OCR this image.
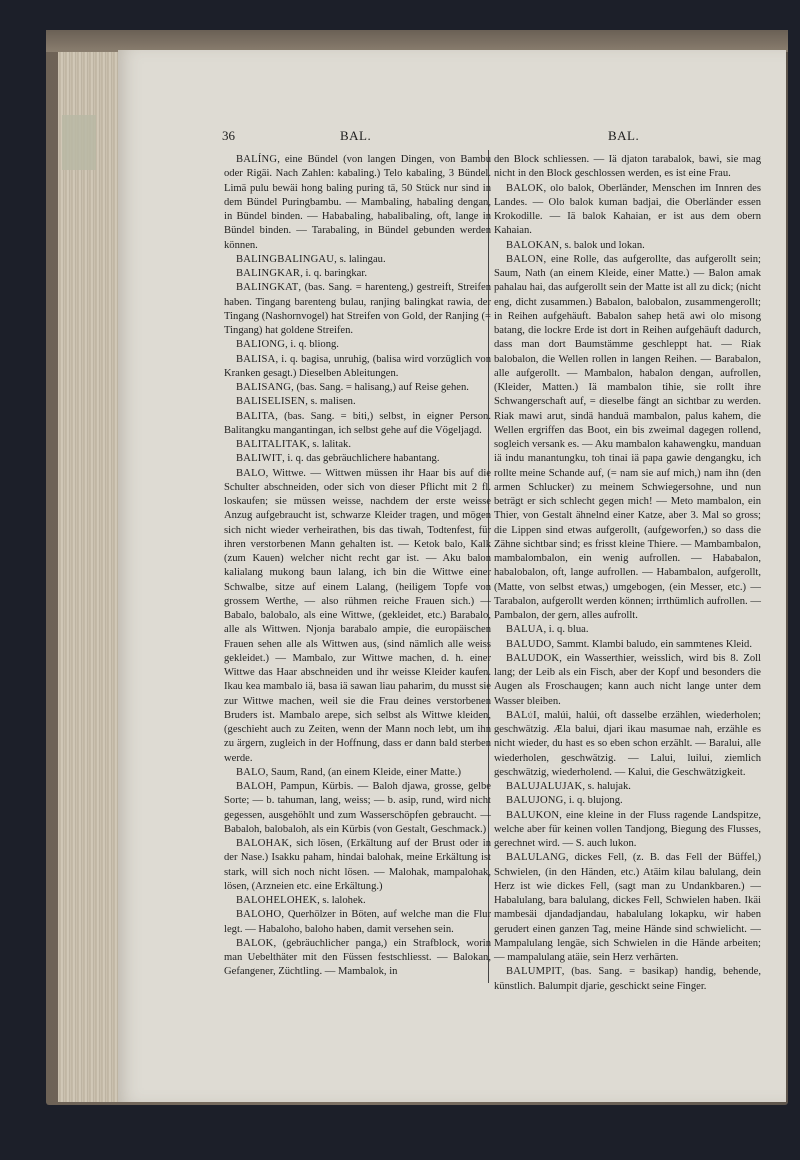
36	BAL.	BAL.

BALÍNG, eine Bündel (von langen Dingen, von Bambu oder Rigäi. Nach Zahlen: kabaling.) Telo kabaling, 3 Bündel. Limä pulu bewäi hong baling puring tä, 50 Stück nur sind in dem Bündel Puringbambu. — Mambaling, habaling dengan, in Bündel binden. — Hababaling, habalibaling, oft, lange in Bündel binden. — Tarabaling, in Bündel gebunden werden können.

BALINGBALINGAU, s. lalingau.

BALINGKAR, i. q. baringkar.

BALINGKAT, (bas. Sang. = harenteng,) gestreift, Streifen haben. Tingang barenteng bulau, ranjing balingkat rawia, der Tingang (Nashornvogel) hat Streifen von Gold, der Ranjing (= Tingang) hat goldene Streifen.

BALIONG, i. q. bliong.

BALISA, i. q. bagisa, unruhig, (balisa wird vorzüglich von Kranken gesagt.) Dieselben Ableitungen.

BALISANG, (bas. Sang. = halisang,) auf Reise gehen.

BALISELISEN, s. malisen.

BALITA, (bas. Sang. = biti,) selbst, in eigner Person. Balitangku mangantingan, ich selbst gehe auf die Vögeljagd.

BALITALITAK, s. lalitak.

BALIWIT, i. q. das gebräuchlichere habantang.

BALO, Wittwe. — Wittwen müssen ihr Haar bis auf die Schulter abschneiden, oder sich von dieser Pflicht mit 2 fl. loskaufen; sie müssen weisse, nachdem der erste weisse Anzug aufgebraucht ist, schwarze Kleider tragen, und mögen sich nicht wieder verheirathen, bis das tiwah, Todtenfest, für ihren verstorbenen Mann gehalten ist. — Ketok balo, Kalk (zum Kauen) welcher nicht recht gar ist. — Aku balon kalialang mukong baun lalang, ich bin die Wittwe einer Schwalbe, sitze auf einem Lalang, (heiligem Topfe von grossem Werthe, — also rühmen reiche Frauen sich.) — Babalo, balobalo, als eine Wittwe, (gekleidet, etc.) Barabalo, alle als Wittwen. Njonja barabalo ampie, die europäischen Frauen sehen alle als Wittwen aus, (sind nämlich alle weiss gekleidet.) — Mambalo, zur Wittwe machen, d. h. einer Wittwe das Haar abschneiden und ihr weisse Kleider kaufen. Ikau kea mambalo iä, basa iä sawan liau paharim, du musst sie zur Wittwe machen, weil sie die Frau deines verstorbenen Bruders ist. Mambalo arepe, sich selbst als Wittwe kleiden, (geschieht auch zu Zeiten, wenn der Mann noch lebt, um ihn zu ärgern, zugleich in der Hoffnung, dass er dann bald sterben werde.

BALO, Saum, Rand, (an einem Kleide, einer Matte.)

BALOH, Pampun, Kürbis. — Baloh djawa, grosse, gelbe Sorte; — b. tahuman, lang, weiss; — b. asip, rund, wird nicht gegessen, ausgehöhlt und zum Wasserschöpfen gebraucht. — Babaloh, balobaloh, als ein Kürbis (von Gestalt, Geschmack.)

BALOHAK, sich lösen, (Erkältung auf der Brust oder in der Nase.) Isakku paham, hindai balohak, meine Erkältung ist stark, will sich noch nicht lösen. — Malohak, mampalohak, lösen, (Arzneien etc. eine Erkältung.)

BALOHELOHEK, s. lalohek.

BALOHO, Querhölzer in Böten, auf welche man die Flur legt. — Habaloho, baloho haben, damit versehen sein.

BALOK, (gebräuchlicher panga,) ein Strafblock, worin man Uebelthäter mit den Füssen festschliesst. — Balokan, Gefangener, Züchtling. — Mambalok, in

den Block schliessen. — Iä djaton tarabalok, bawi, sie mag nicht in den Block geschlossen werden, es ist eine Frau.

BALOK, olo balok, Oberländer, Menschen im Innren des Landes. — Olo balok kuman badjai, die Oberländer essen Krokodille. — Iä balok Kahaian, er ist aus dem obern Kahaian.

BALOKAN, s. balok und lokan.

BALON, eine Rolle, das aufgerollte, das aufgerollt sein; Saum, Nath (an einem Kleide, einer Matte.) — Balon amak pahalau hai, das aufgerollt sein der Matte ist all zu dick; (nicht eng, dicht zusammen.) Babalon, balobalon, zusammengerollt; in Reihen aufgehäuft. Babalon sahep hetä awi olo misong batang, die lockre Erde ist dort in Reihen aufgehäuft dadurch, dass man dort Baumstämme geschleppt hat. — Riak balobalon, die Wellen rollen in langen Reihen. — Barabalon, alle aufgerollt. — Mambalon, habalon dengan, aufrollen, (Kleider, Matten.) Iä mambalon tihie, sie rollt ihre Schwangerschaft auf, = dieselbe fängt an sichtbar zu werden. Riak mawi arut, sindä handuä mambalon, palus kahem, die Wellen ergriffen das Boot, ein bis zweimal dagegen rollend, sogleich versank es. — Aku mambalon kahawengku, manduan iä indu manantungku, toh tinai iä papa gawie dengangku, ich rollte meine Schande auf, (= nam sie auf mich,) nam ihn (den armen Schlucker) zu meinem Schwiegersohne, und nun beträgt er sich schlecht gegen mich! — Meto mambalon, ein Thier, von Gestalt ähnelnd einer Katze, aber 3. Mal so gross; die Lippen sind etwas aufgerollt, (aufgeworfen,) so dass die Zähne sichtbar sind; es frisst kleine Thiere. — Mambambalon, mambalombalon, ein wenig aufrollen. — Hababalon, habalobalon, oft, lange aufrollen. — Habambalon, aufgerollt, (Matte, von selbst etwas,) umgebogen, (ein Messer, etc.) — Tarabalon, aufgerollt werden können; irrthümlich aufrollen. — Pambalon, der gern, alles aufrollt.

BALUA, i. q. blua.

BALUDO, Sammt. Klambi baludo, ein sammtenes Kleid.

BALUDOK, ein Wasserthier, weisslich, wird bis 8. Zoll lang; der Leib als ein Fisch, aber der Kopf und besonders die Augen als Froschaugen; kann auch nicht lange unter dem Wasser bleiben.

BALúI, malúi, halúi, oft dasselbe erzählen, wiederholen; geschwätzig. Æla balui, djari ikau masumae nah, erzähle es nicht wieder, du hast es so eben schon erzählt. — Baralui, alle wiederholen, geschwätzig. — Lalui, luilui, ziemlich geschwätzig, wiederholend. — Kalui, die Geschwätzigkeit.

BALUJALUJAK, s. halujak.

BALUJONG, i. q. blujong.

BALUKON, eine kleine in der Fluss ragende Landspitze, welche aber für keinen vollen Tandjong, Biegung des Flusses, gerechnet wird. — S. auch lukon.

BALULANG, dickes Fell, (z. B. das Fell der Büffel,) Schwielen, (in den Händen, etc.) Atäim kilau balulang, dein Herz ist wie dickes Fell, (sagt man zu Undankbaren.) — Habalulang, bara balulang, dickes Fell, Schwielen haben. Ikäi mambesäi djandadjandau, habalulang lokapku, wir haben gerudert einen ganzen Tag, meine Hände sind schwielicht. — Mampalulang lengäe, sich Schwielen in die Hände arbeiten; — mampalulang atäie, sein Herz verhärten.

BALUMPIT, (bas. Sang. = basikap) handig, behende, künstlich. Balumpit djarie, geschickt seine Finger.
